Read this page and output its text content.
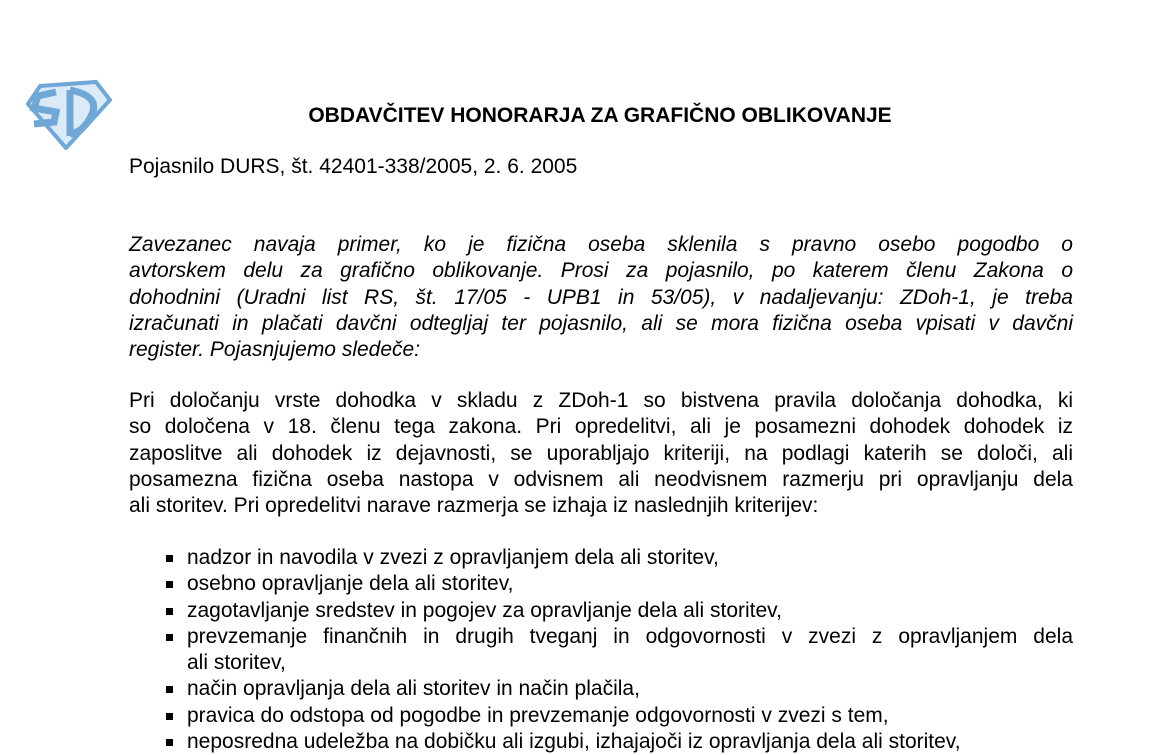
OBDAVČITEV HONORARJA ZA GRAFIČNO OBLIKOVANJE
Pojasnilo DURS, št. 42401-338/2005, 2. 6. 2005
Zavezanec navaja primer, ko je fizična oseba sklenila s pravno osebo pogodbo o
avtorskem delu za grafično oblikovanje. Prosi za pojasnilo, po katerem členu Zakona o
dohodnini (Uradni list RS, št. 17/05 - UPB1 in 53/05), v nadaljevanju: ZDoh-1, je treba
izračunati in plačati davčni odtegljaj ter pojasnilo, ali se mora fizična oseba vpisati v davčni
register. Pojasnjujemo sledeče:
Pri določanju vrste dohodka v skladu z ZDoh-1 so bistvena pravila določanja dohodka, ki
so določena v 18. členu tega zakona. Pri opredelitvi, ali je posamezni dohodek dohodek iz
zaposlitve ali dohodek iz dejavnosti, se uporabljajo kriteriji, na podlagi katerih se določi, ali
posamezna fizična oseba nastopa v odvisnem ali neodvisnem razmerju pri opravljanju dela
ali storitev. Pri opredelitvi narave razmerja se izhaja iz naslednjih kriterijev:
nadzor in navodila v zvezi z opravljanjem dela ali storitev,
osebno opravljanje dela ali storitev,
zagotavljanje sredstev in pogojev za opravljanje dela ali storitev,
prevzemanje finančnih in drugih tveganj in odgovornosti v zvezi z opravljanjem dela
ali storitev,
način opravljanja dela ali storitev in način plačila,
pravica do odstopa od pogodbe in prevzemanje odgovornosti v zvezi s tem,
neposredna udeležba na dobičku ali izgubi, izhajajoči iz opravljanja dela ali storitev,
